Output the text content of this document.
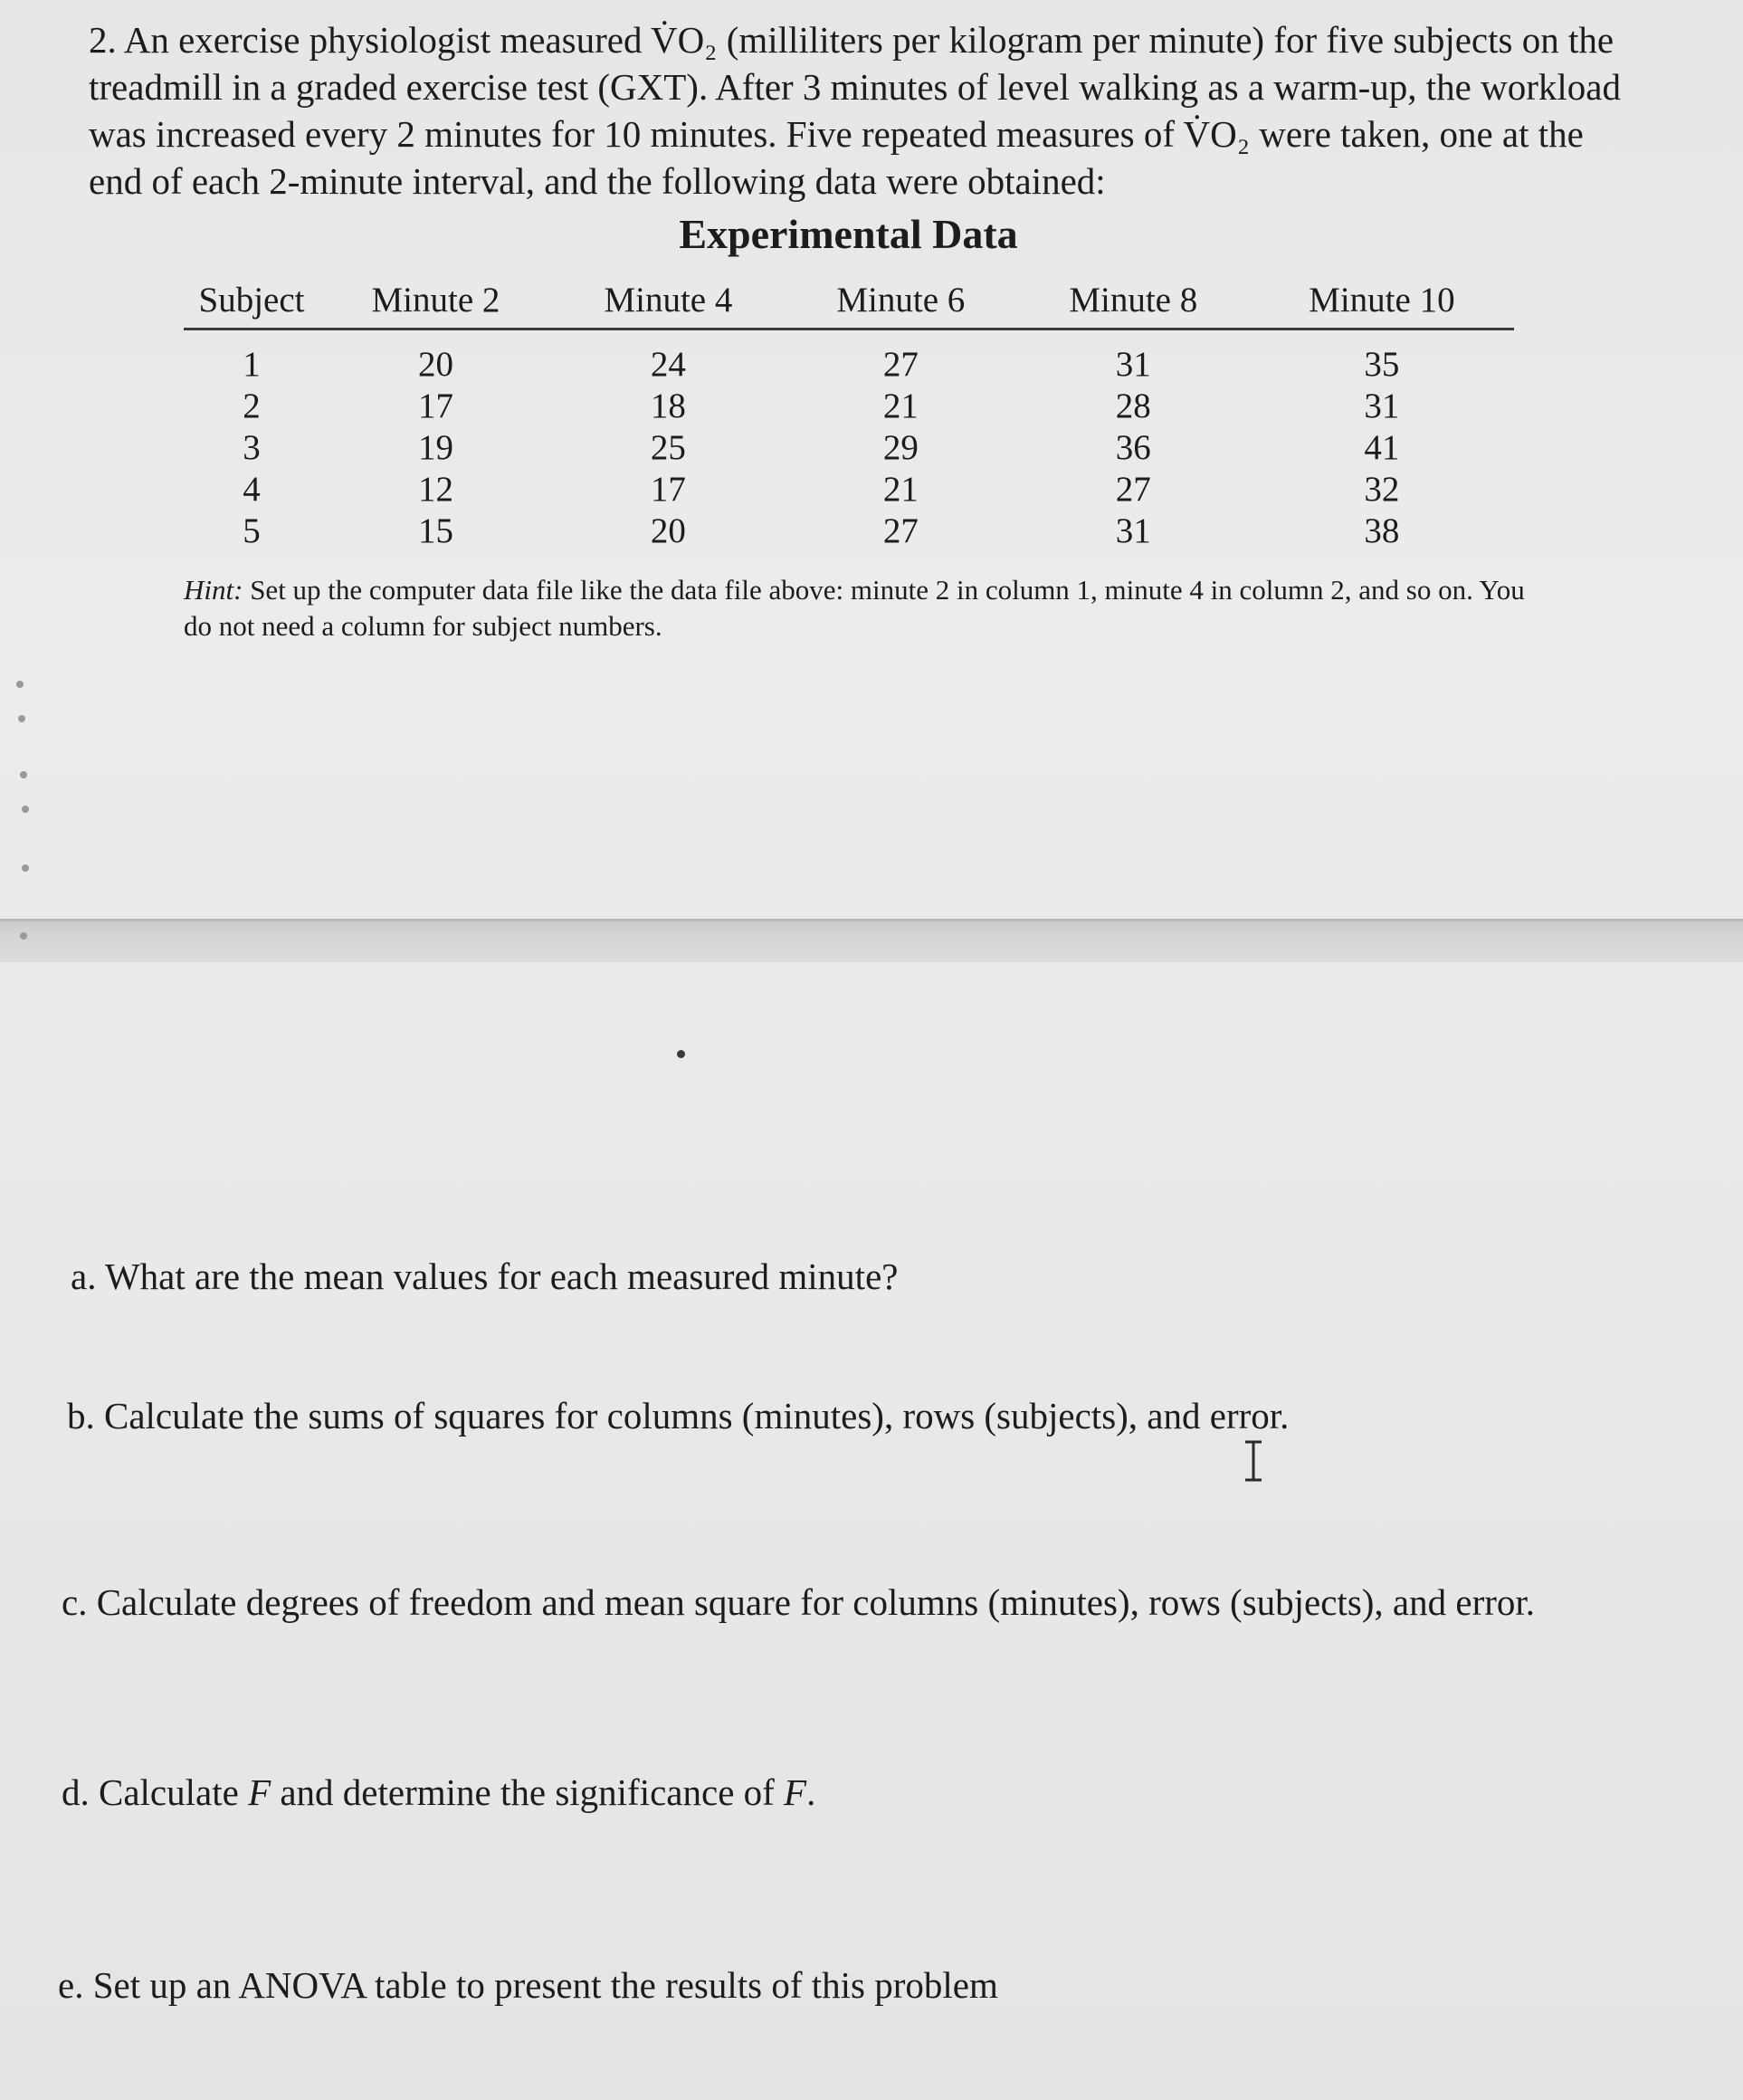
2. An exercise physiologist measured V̇O₂ (milliliters per kilogram per minute) for five subjects on the treadmill in a graded exercise test (GXT). After 3 minutes of level walking as a warm-up, the workload was increased every 2 minutes for 10 minutes. Five repeated measures of V̇O₂ were taken, one at the end of each 2-minute interval, and the following data were obtained:

Experimental Data
Subject	Minute 2	Minute 4	Minute 6	Minute 8	Minute 10
1	20	24	27	31	35
2	17	18	21	28	31
3	19	25	29	36	41
4	12	17	21	27	32
5	15	20	27	31	38

Hint: Set up the computer data file like the data file above: minute 2 in column 1, minute 4 in column 2, and so on. You do not need a column for subject numbers.

a. What are the mean values for each measured minute?

b. Calculate the sums of squares for columns (minutes), rows (subjects), and error.

c. Calculate degrees of freedom and mean square for columns (minutes), rows (subjects), and error.

d. Calculate F and determine the significance of F.

e. Set up an ANOVA table to present the results of this problem
